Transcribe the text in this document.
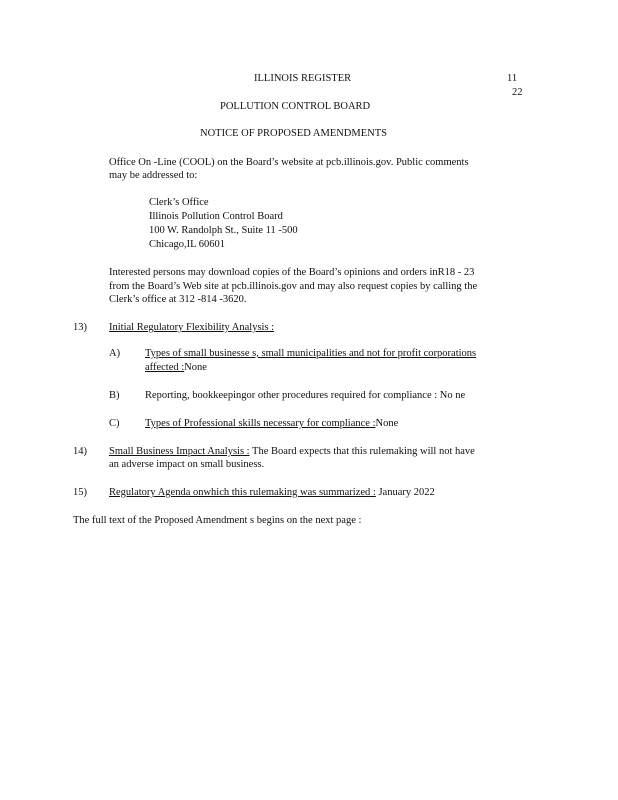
ILLINOIS REGISTER	11
22
POLLUTION CONTROL BOARD
NOTICE OF PROPOSED AMENDMENTS
Office On -Line (COOL) on the Board’s website at pcb.illinois.gov. Public comments
may be addressed to:
Clerk’s Office
Illinois Pollution Control Board
100 W. Randolph St., Suite 11 -500
Chicago,IL 60601
Interested persons may download copies of the Board’s opinions and orders inR18 - 23
from the Board’s Web site at pcb.illinois.gov and may also request copies by calling the
Clerk’s office at 312 -814 -3620.
13) Initial Regulatory Flexibility Analysis :
A) Types of small businesse s, small municipalities and not for profit corporations
affected :None
B) Reporting, bookkeepingor other procedures required for compliance : No ne
C) Types of Professional skills necessary for compliance :None
14) Small Business Impact Analysis : The Board expects that this rulemaking will not have
an adverse impact on small business.
15) Regulatory Agenda onwhich this rulemaking was summarized : January 2022
The full text of the Proposed Amendment s begins on the next page :
